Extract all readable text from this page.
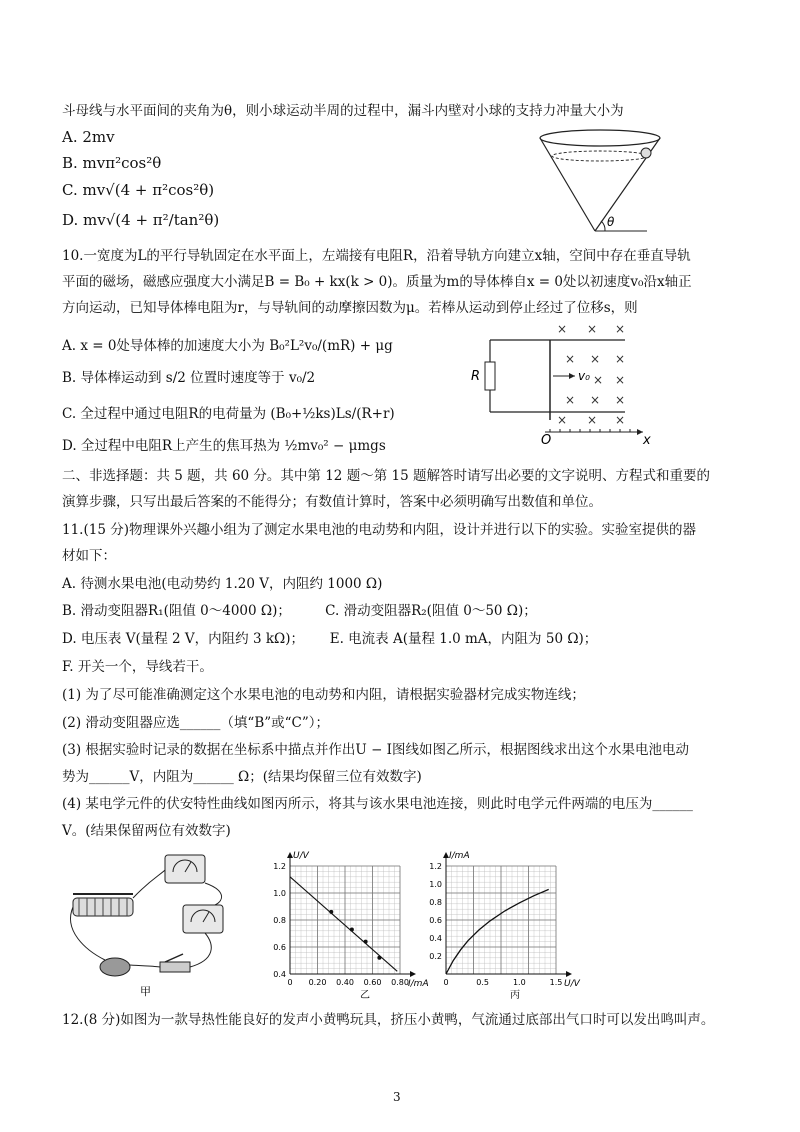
斗母线与水平面间的夹角为θ，则小球运动半周的过程中，漏斗内壁对小球的支持力冲量大小为
A. 2mv
B. mvπ²cos²θ
C. mv√(4 + π²cos²θ)
D. mv√(4 + π²/tan²θ)	θ
10.一宽度为L的平行导轨固定在水平面上，左端接有电阻R，沿着导轨方向建立x轴，空间中存在垂直导轨
平面的磁场，磁感应强度大小满足B = B₀ + kx(k > 0)。质量为m的导体棒自x = 0处以初速度v₀沿x轴正
方向运动，已知导体棒电阻为r，与导轨间的动摩擦因数为μ。若棒从运动到停止经过了位移s，则
A. x = 0处导体棒的加速度大小为 B₀²L²v₀/(mR) + μg
B. 导体棒运动到 s/2 位置时速度等于 v₀/2
C. 全过程中通过电阻R的电荷量为 (B₀+½ks)Ls/(R+r)
D. 全过程中电阻R上产生的焦耳热为 ½mv₀² − μmgs
R	v₀
× × ×
× × ×
× ×
× × ×
× × ×
O	x
二、非选择题：共 5 题，共 60 分。其中第 12 题～第 15 题解答时请写出必要的文字说明、方程式和重要的
演算步骤，只写出最后答案的不能得分；有数值计算时，答案中必须明确写出数值和单位。
11.(15 分)物理课外兴趣小组为了测定水果电池的电动势和内阻，设计并进行以下的实验。实验室提供的器
材如下：
A. 待测水果电池(电动势约 1.20 V，内阻约 1000 Ω)
B. 滑动变阻器R₁(阻值 0～4000 Ω)；        C. 滑动变阻器R₂(阻值 0～50 Ω)；
D. 电压表 V(量程 2 V，内阻约 3 kΩ)；      E. 电流表 A(量程 1.0 mA，内阻为 50 Ω)；
F. 开关一个，导线若干。
(1) 为了尽可能准确测定这个水果电池的电动势和内阻，请根据实验器材完成实物连线；
(2) 滑动变阻器应选______（填“B”或“C”）；
(3) 根据实验时记录的数据在坐标系中描点并作出U − I图线如图乙所示，根据图线求出这个水果电池电动
势为______V，内阻为______ Ω；(结果均保留三位有效数字)
(4) 某电学元件的伏安特性曲线如图丙所示，将其与该水果电池连接，则此时电学元件两端的电压为______
V。(结果保留两位有效数字)
甲
U/V
I/mA
0 0.20 0.40 0.60 0.80
0.4
0.6
0.8
1.0
1.2
乙
I/mA
U/V
0	0.5	1.0	1.5
0.2
0.4
0.6
0.8
1.0
1.2
丙
12.(8 分)如图为一款导热性能良好的发声小黄鸭玩具，挤压小黄鸭，气流通过底部出气口时可以发出鸣叫声。
3
